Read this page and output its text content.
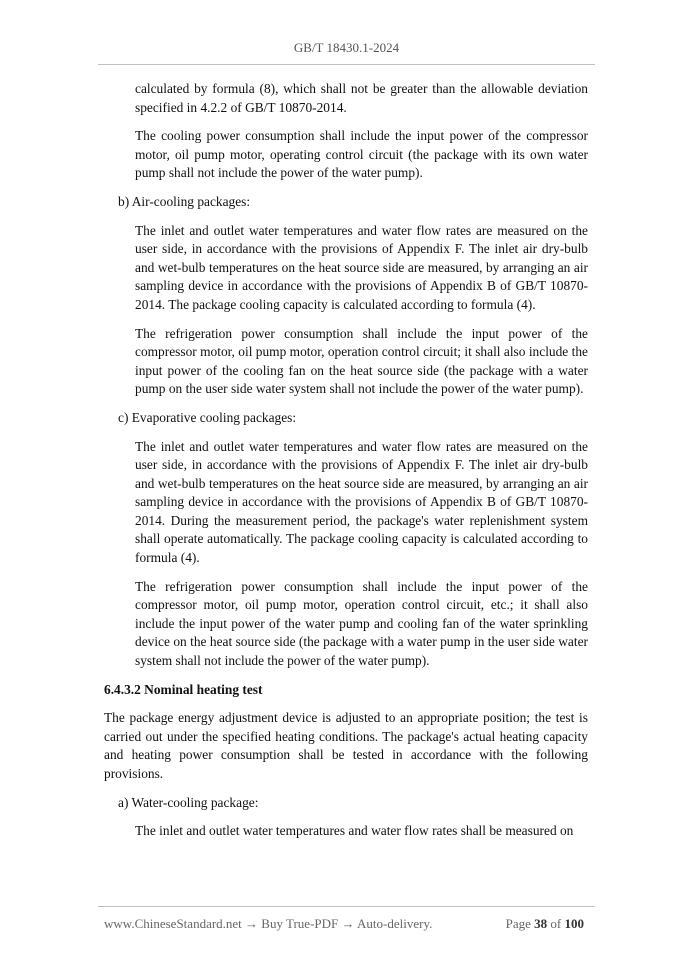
GB/T 18430.1-2024

calculated by formula (8), which shall not be greater than the allowable deviation specified in 4.2.2 of GB/T 10870-2014.

The cooling power consumption shall include the input power of the compressor motor, oil pump motor, operating control circuit (the package with its own water pump shall not include the power of the water pump).

b) Air-cooling packages:

The inlet and outlet water temperatures and water flow rates are measured on the user side, in accordance with the provisions of Appendix F. The inlet air dry-bulb and wet-bulb temperatures on the heat source side are measured, by arranging an air sampling device in accordance with the provisions of Appendix B of GB/T 10870-2014. The package cooling capacity is calculated according to formula (4).

The refrigeration power consumption shall include the input power of the compressor motor, oil pump motor, operation control circuit; it shall also include the input power of the cooling fan on the heat source side (the package with a water pump on the user side water system shall not include the power of the water pump).

c) Evaporative cooling packages:

The inlet and outlet water temperatures and water flow rates are measured on the user side, in accordance with the provisions of Appendix F. The inlet air dry-bulb and wet-bulb temperatures on the heat source side are measured, by arranging an air sampling device in accordance with the provisions of Appendix B of GB/T 10870-2014. During the measurement period, the package's water replenishment system shall operate automatically. The package cooling capacity is calculated according to formula (4).

The refrigeration power consumption shall include the input power of the compressor motor, oil pump motor, operation control circuit, etc.; it shall also include the input power of the water pump and cooling fan of the water sprinkling device on the heat source side (the package with a water pump in the user side water system shall not include the power of the water pump).

6.4.3.2 Nominal heating test

The package energy adjustment device is adjusted to an appropriate position; the test is carried out under the specified heating conditions. The package's actual heating capacity and heating power consumption shall be tested in accordance with the following provisions.

a) Water-cooling package:

The inlet and outlet water temperatures and water flow rates shall be measured on

www.ChineseStandard.net → Buy True-PDF → Auto-delivery.	Page 38 of 100
